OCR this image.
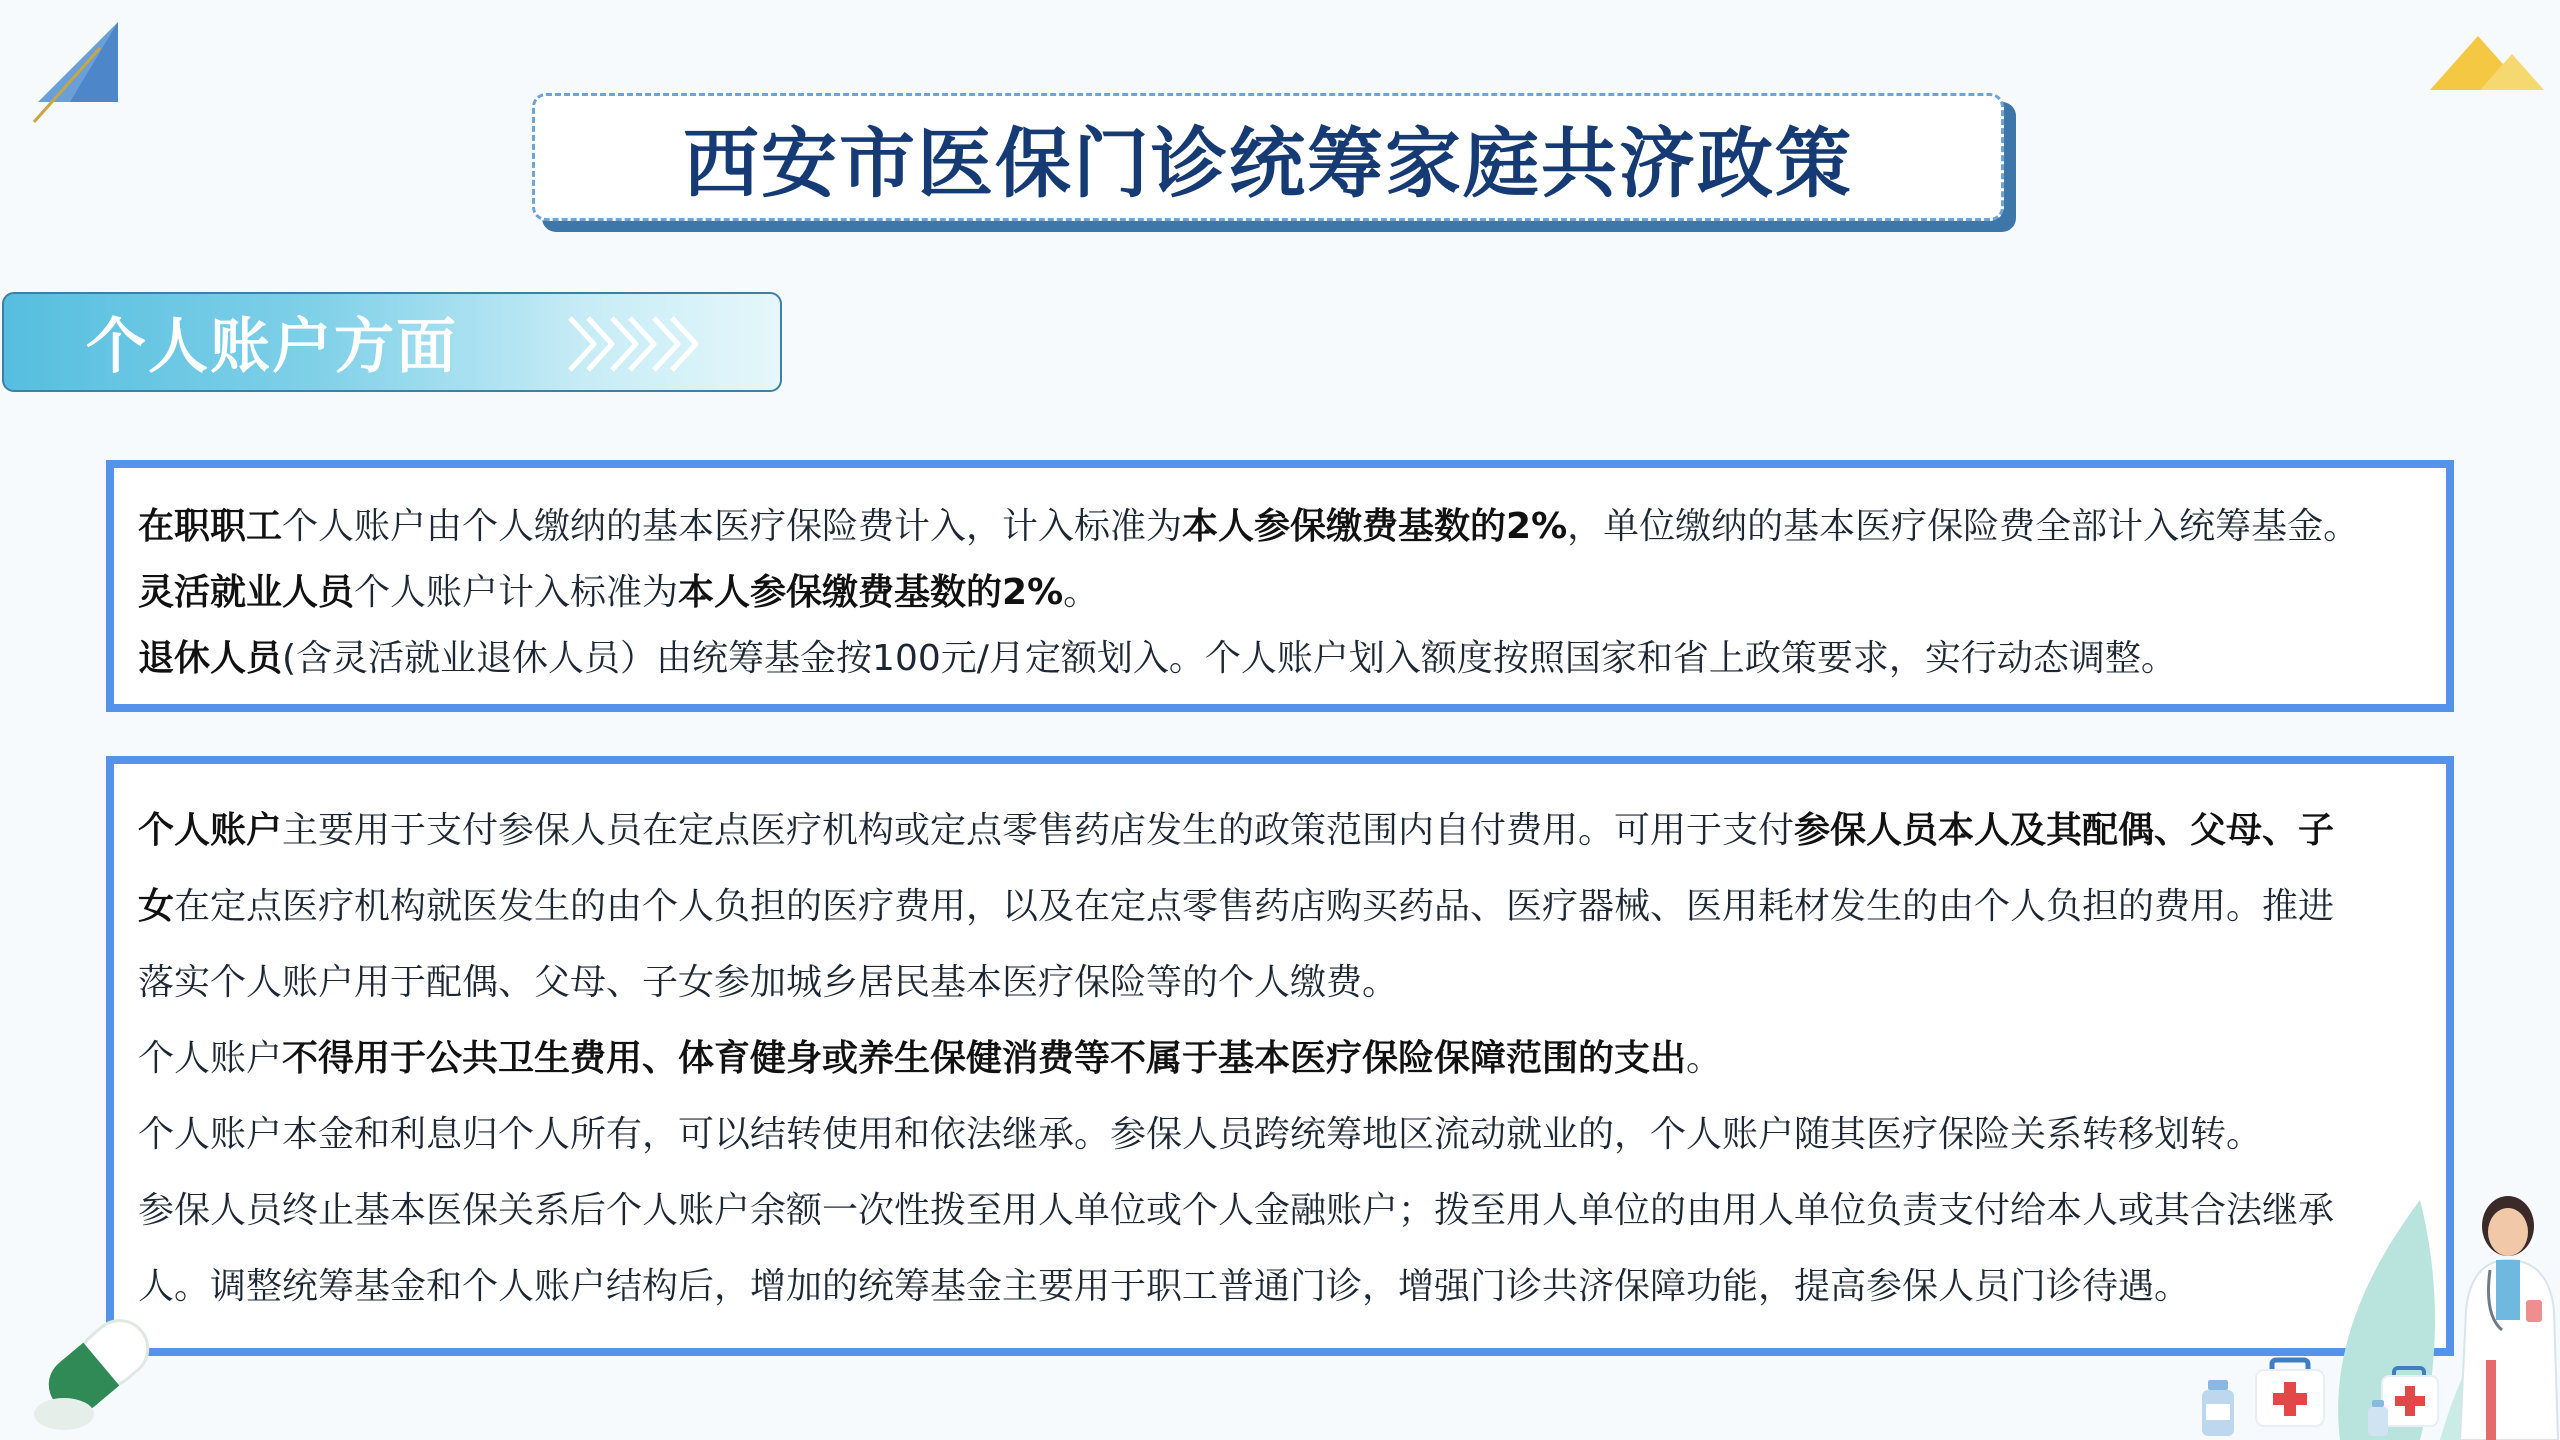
西安市医保门诊统筹家庭共济政策
个人账户方面
在职职工个人账户由个人缴纳的基本医疗保险费计入，计入标准为本人参保缴费基数的2%，单位缴纳的基本医疗保险费全部计入统筹基金。
灵活就业人员个人账户计入标准为本人参保缴费基数的2%。
退休人员(含灵活就业退休人员）由统筹基金按100元/月定额划入。个人账户划入额度按照国家和省上政策要求，实行动态调整。
个人账户主要用于支付参保人员在定点医疗机构或定点零售药店发生的政策范围内自付费用。可用于支付参保人员本人及其配偶、父母、子
女在定点医疗机构就医发生的由个人负担的医疗费用，以及在定点零售药店购买药品、医疗器械、医用耗材发生的由个人负担的费用。推进
落实个人账户用于配偶、父母、子女参加城乡居民基本医疗保险等的个人缴费。
个人账户不得用于公共卫生费用、体育健身或养生保健消费等不属于基本医疗保险保障范围的支出。
个人账户本金和利息归个人所有，可以结转使用和依法继承。参保人员跨统筹地区流动就业的，个人账户随其医疗保险关系转移划转。
参保人员终止基本医保关系后个人账户余额一次性拨至用人单位或个人金融账户；拨至用人单位的由用人单位负责支付给本人或其合法继承
人。调整统筹基金和个人账户结构后，增加的统筹基金主要用于职工普通门诊，增强门诊共济保障功能，提高参保人员门诊待遇。
